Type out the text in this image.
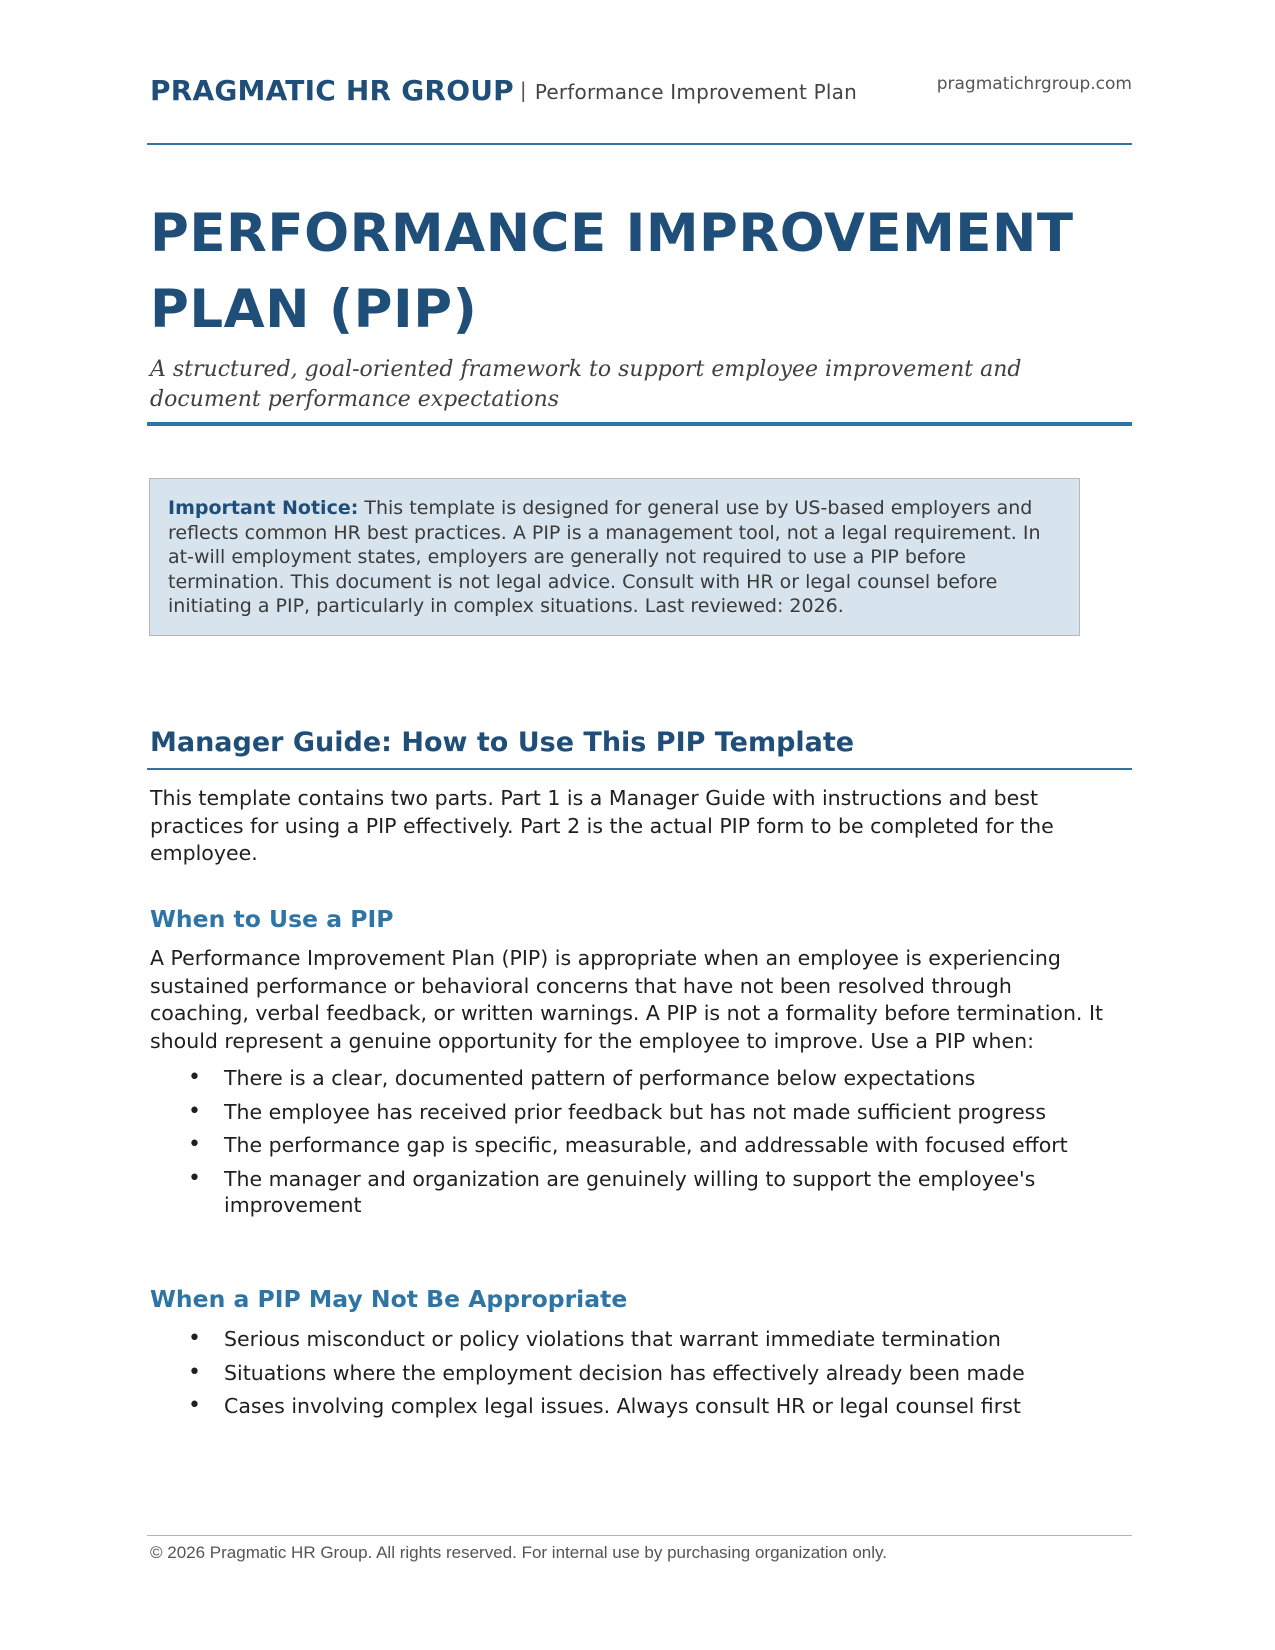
PRAGMATIC HR GROUP | Performance Improvement Plan	pragmatichrgroup.com
PERFORMANCE IMPROVEMENT PLAN (PIP)

A structured, goal-oriented framework to support employee improvement and document performance expectations

Important Notice: This template is designed for general use by US-based employers and reflects common HR best practices. A PIP is a management tool, not a legal requirement. In at-will employment states, employers are generally not required to use a PIP before termination. This document is not legal advice. Consult with HR or legal counsel before initiating a PIP, particularly in complex situations. Last reviewed: 2026.
Manager Guide: How to Use This PIP Template

This template contains two parts. Part 1 is a Manager Guide with instructions and best practices for using a PIP effectively. Part 2 is the actual PIP form to be completed for the employee.

When to Use a PIP

A Performance Improvement Plan (PIP) is appropriate when an employee is experiencing sustained performance or behavioral concerns that have not been resolved through coaching, verbal feedback, or written warnings. A PIP is not a formality before termination. It should represent a genuine opportunity for the employee to improve. Use a PIP when:

• There is a clear, documented pattern of performance below expectations
• The employee has received prior feedback but has not made sufficient progress
• The performance gap is specific, measurable, and addressable with focused effort
• The manager and organization are genuinely willing to support the employee's improvement
When a PIP May Not Be Appropriate
• Serious misconduct or policy violations that warrant immediate termination
• Situations where the employment decision has effectively already been made
• Cases involving complex legal issues. Always consult HR or legal counsel first
© 2026 Pragmatic HR Group. All rights reserved. For internal use by purchasing organization only.
